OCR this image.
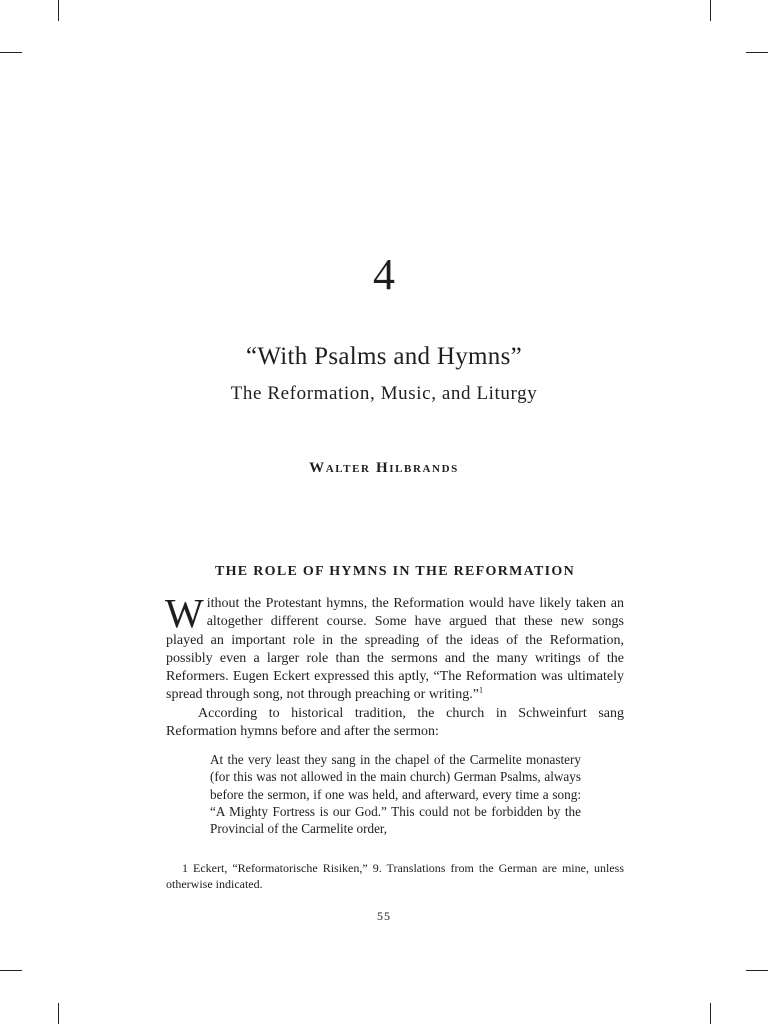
4
“With Psalms and Hymns”
The Reformation, Music, and Liturgy
Walter Hilbrands
THE ROLE OF HYMNS IN THE REFORMATION

Without the Protestant hymns, the Reformation would have likely taken an altogether different course. Some have argued that these new songs played an important role in the spreading of the ideas of the Reformation, possibly even a larger role than the sermons and the many writings of the Reformers. Eugen Eckert expressed this aptly, “The Reformation was ultimately spread through song, not through preaching or writing.”$^1$

According to historical tradition, the church in Schweinfurt sang Reformation hymns before and after the sermon:

At the very least they sang in the chapel of the Carmelite monastery (for this was not allowed in the main church) German Psalms, always before the sermon, if one was held, and afterward, every time a song: “A Mighty Fortress is our God.” This could not be forbidden by the Provincial of the Carmelite order,

1 Eckert, “Reformatorische Risiken,” 9. Translations from the German are mine, unless otherwise indicated.

55
